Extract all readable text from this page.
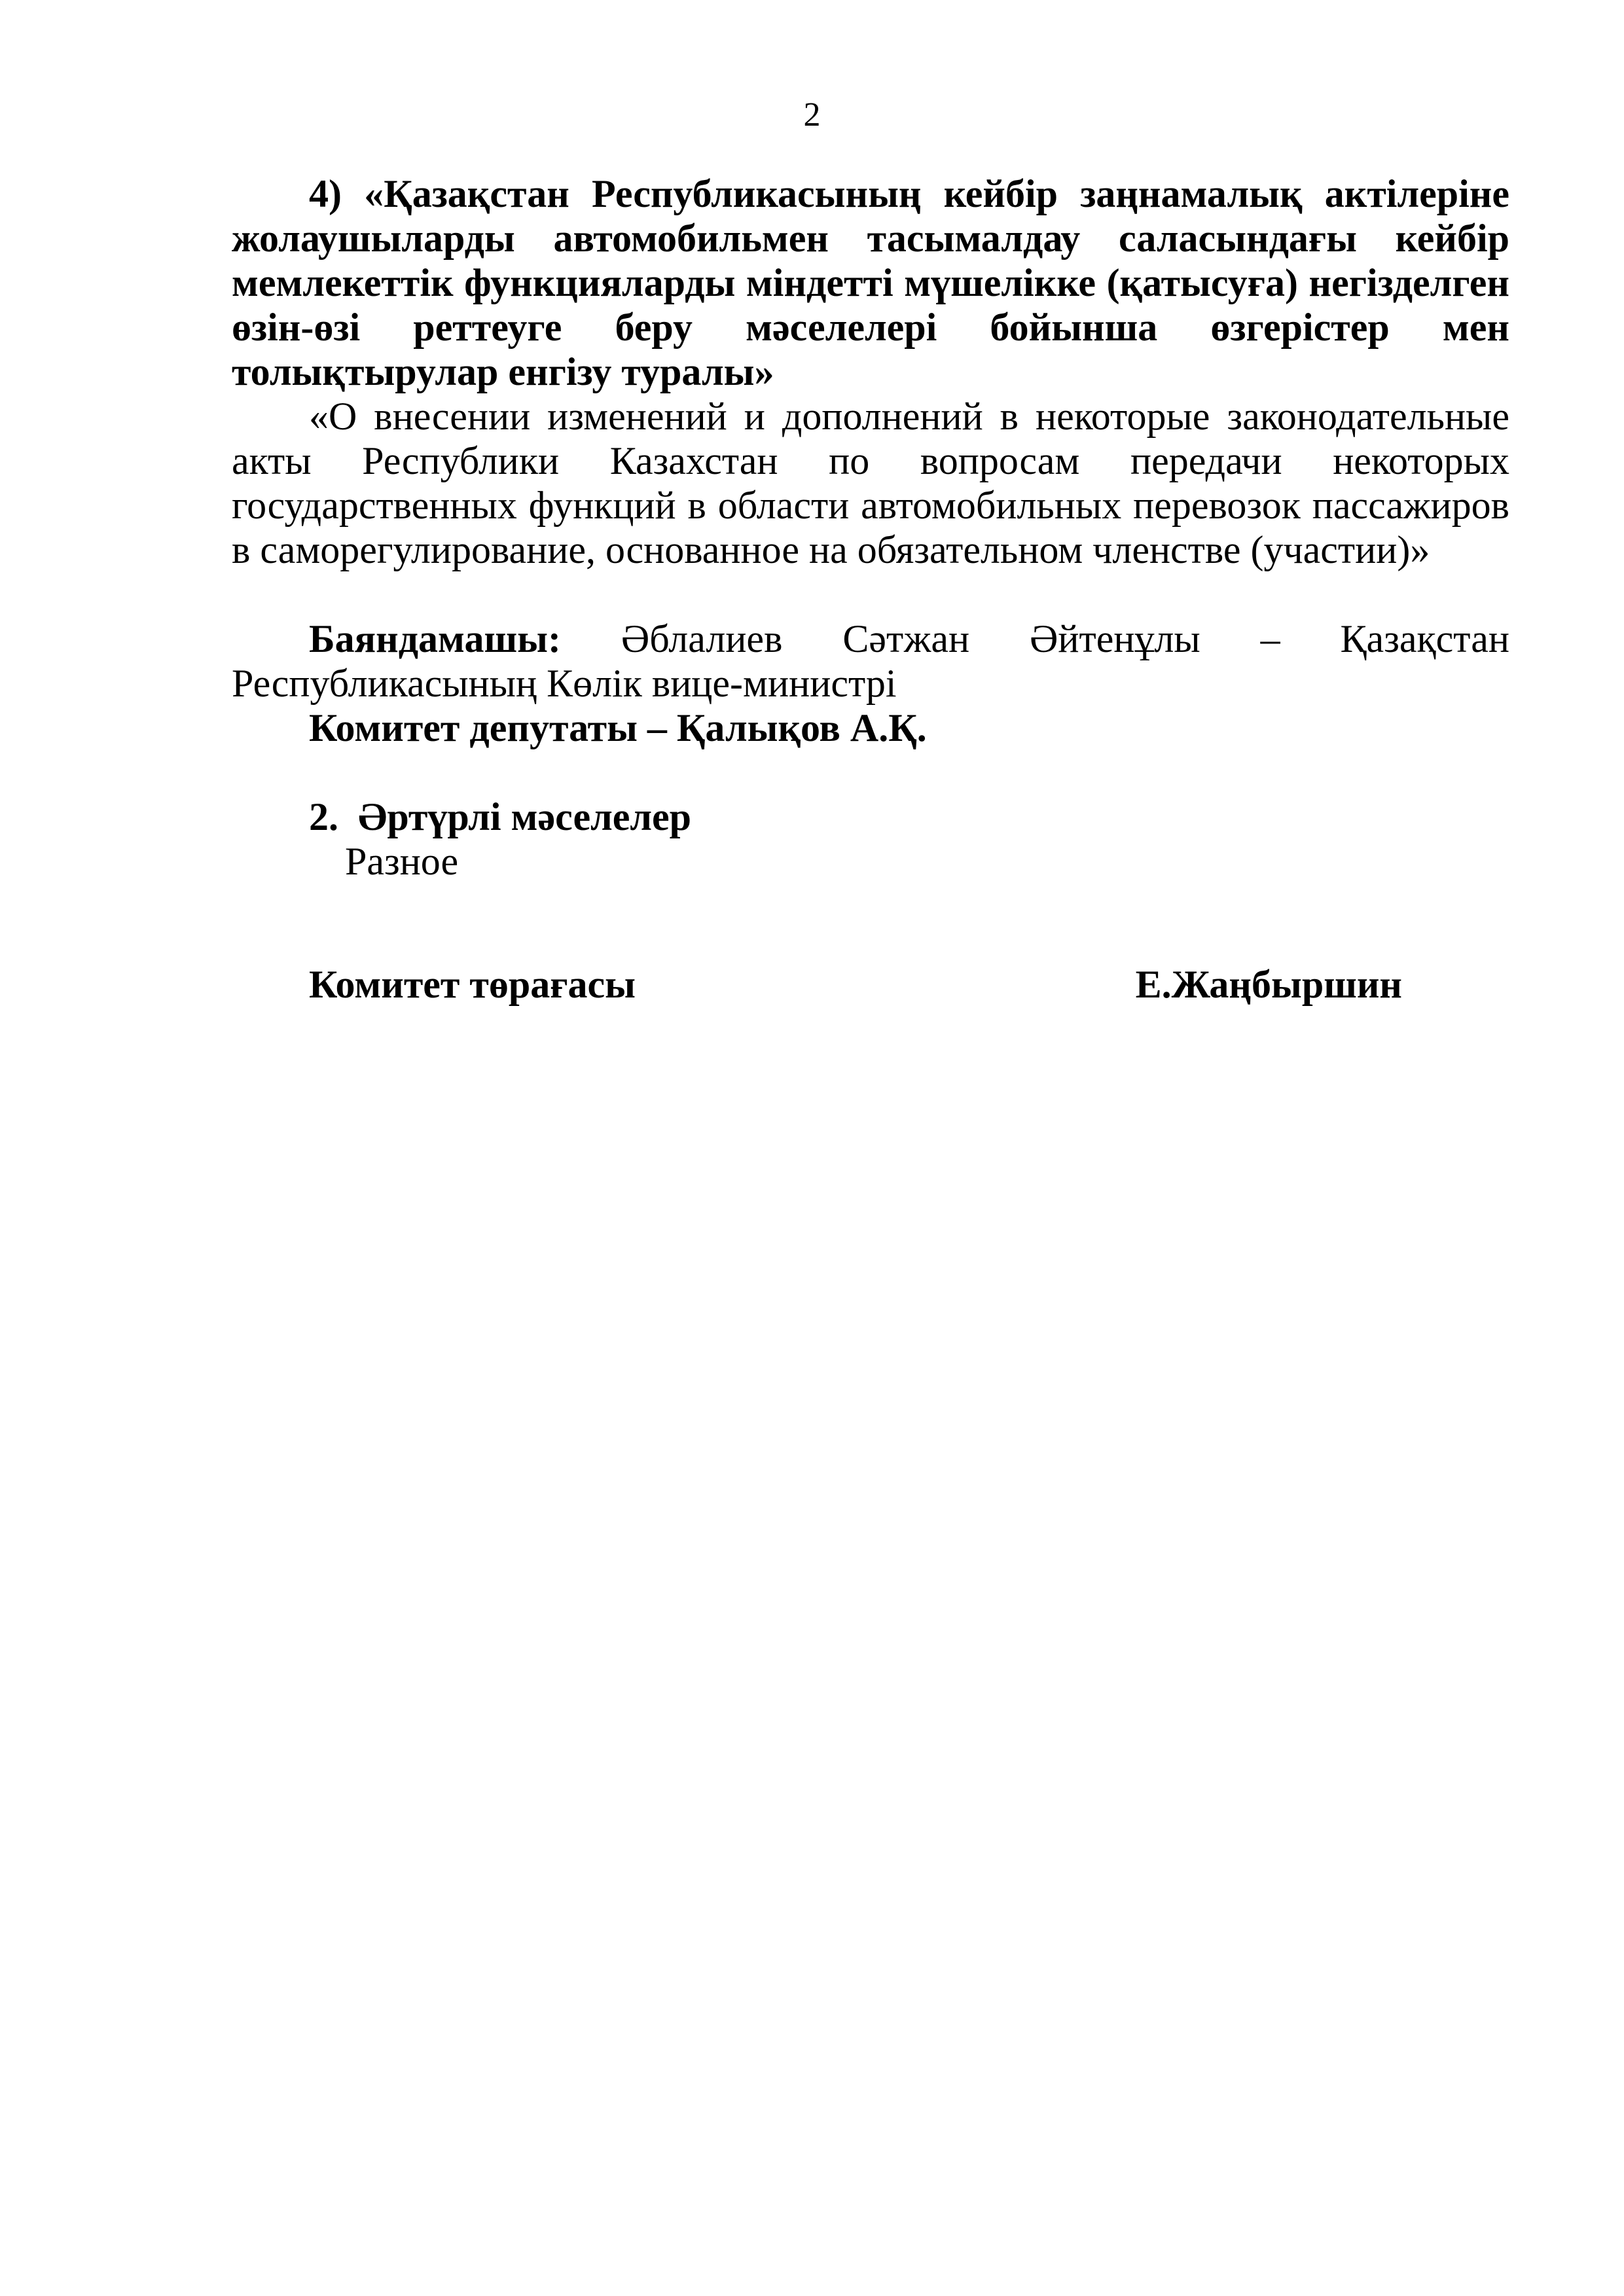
2

4) «Қазақстан Республикасының кейбір заңнамалық актілеріне жолаушыларды автомобильмен тасымалдау саласындағы кейбір мемлекеттік функцияларды міндетті мүшелікке (қатысуға) негізделген өзін-өзі реттеуге беру мәселелері бойынша өзгерістер мен толықтырулар енгізу туралы»

«О внесении изменений и дополнений в некоторые законодательные акты Республики Казахстан по вопросам передачи некоторых государственных функций в области автомобильных перевозок пассажиров в саморегулирование, основанное на обязательном членстве (участии)»

Баяндамашы: Әблалиев Сәтжан Әйтенұлы – Қазақстан Республикасының Көлік вице-министрі

Комитет депутаты – Қалықов А.Қ.

2. Әртүрлі мәселелер

Разное

Комитет төрағасы	Е.Жаңбыршин
